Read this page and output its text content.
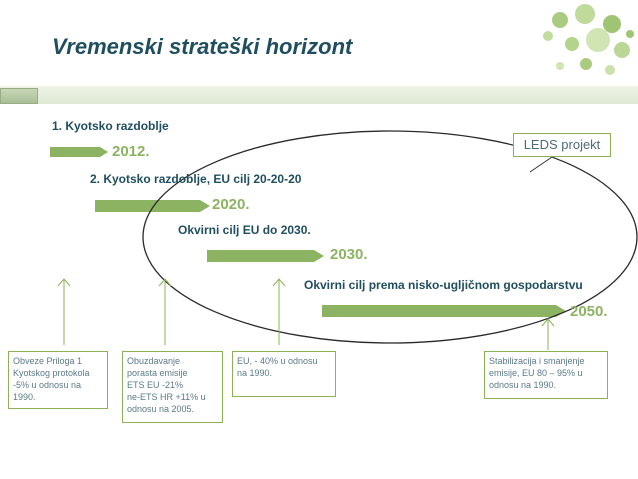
Vremenski strateški horizont
LEDS projekt
1. Kyotsko razdoblje
2012.
2. Kyotsko razdoblje, EU cilj 20-20-20
2020.
Okvirni cilj EU do 2030.
2030.
Okvirni cilj prema nisko-ugljičnom gospodarstvu
2050.
Obveze Priloga 1
Kyotskog protokola
-5% u odnosu na
1990.
Obuzdavanje
porasta emisije
ETS EU -21%
ne-ETS HR +11% u
odnosu na 2005.
EU, - 40% u odnosu
na 1990.
Stabilizacija i smanjenje
emisije, EU 80 – 95% u
odnosu na 1990.
